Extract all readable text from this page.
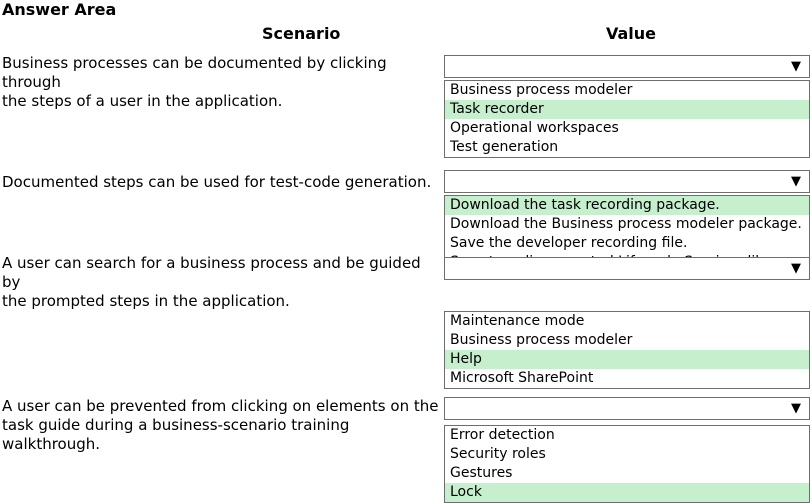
Answer Area
Scenario	Value
Business processes can be documented by clicking through
the steps of a user in the application.
▼
Business process modeler
Task recorder
Operational workspaces
Test generation
Documented steps can be used for test-code generation.	▼
Download the task recording package.
Download the Business process modeler package.
Save the developer recording file.
A user can search for a business process and be guided by
the prompted steps in the application.
▼
Maintenance mode
Business process modeler
Help
Microsoft SharePoint
A user can be prevented from clicking on elements on the
task guide during a business-scenario training walkthrough.
▼
Error detection
Security roles
Gestures
Lock
